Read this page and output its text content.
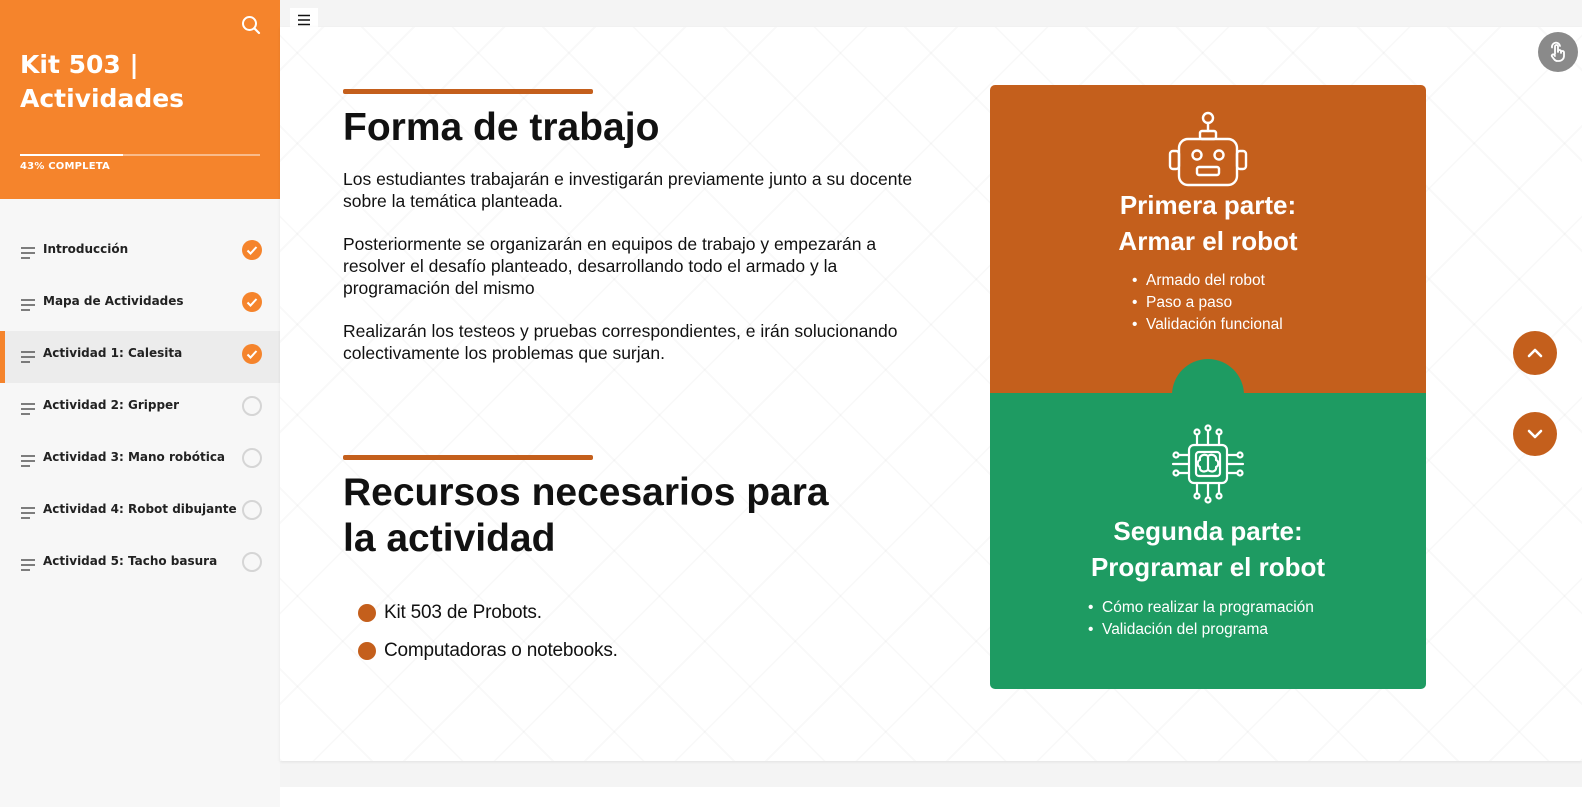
Kit 503 | Actividades
43% COMPLETA
Introducción
Mapa de Actividades
Actividad 1: Calesita
Actividad 2: Gripper
Actividad 3: Mano robótica
Actividad 4: Robot dibujante
Actividad 5: Tacho basura
Forma de trabajo

Los estudiantes trabajarán e investigarán previamente junto a su docente sobre la temática planteada.

Posteriormente se organizarán en equipos de trabajo y empezarán a resolver el desafío planteado, desarrollando todo el armado y la programación del mismo

Realizarán los testeos y pruebas correspondientes, e irán solucionando colectivamente los problemas que surjan.

Recursos necesarios para
la actividad
Kit 503 de Probots.
Computadoras o notebooks.
Primera parte:
Armar el robot
• Armado del robot
• Paso a paso
• Validación funcional
Segunda parte:
Programar el robot
• Cómo realizar la programación
• Validación del programa
